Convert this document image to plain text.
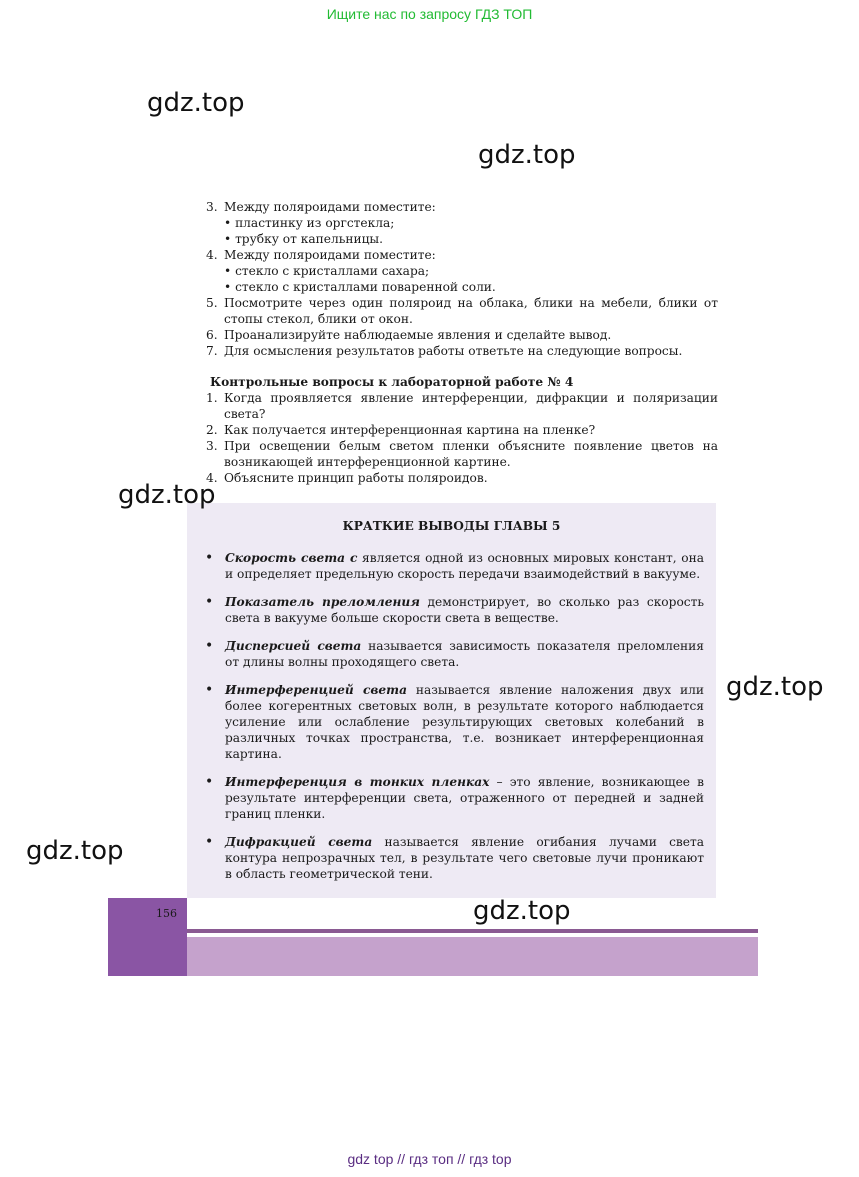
Ищите нас по запросу ГДЗ ТОП
gdz.top
gdz.top
3. Между поляроидами поместите:
• пластинку из оргстекла;
• трубку от капельницы.
4. Между поляроидами поместите:
• стекло с кристаллами сахара;
• стекло с кристаллами поваренной соли.
5. Посмотрите через один поляроид на облака, блики на мебели, блики от стопы стекол, блики от окон.
6. Проанализируйте наблюдаемые явления и сделайте вывод.
7. Для осмысления результатов работы ответьте на следующие вопросы.
Контрольные вопросы к лабораторной работе № 4
1. Когда проявляется явление интерференции, дифракции и поляризации света?
2. Как получается интерференционная картина на пленке?
3. При освещении белым светом пленки объясните появление цветов на возникающей интерференционной картине.
4. Объясните принцип работы поляроидов.
КРАТКИЕ ВЫВОДЫ ГЛАВЫ 5
• Скорость света с является одной из основных мировых констант, она и определяет предельную скорость передачи взаимодействий в вакууме.
• Показатель преломления демонстрирует, во сколько раз скорость света в вакууме больше скорости света в веществе.
• Дисперсией света называется зависимость показателя преломления от длины волны проходящего света.
• Интерференцией света называется явление наложения двух или более когерентных световых волн, в результате которого наблюдается усиление или ослабление результирующих световых колебаний в различных точках пространства, т.е. возникает интерференционная картина.
• Интерференция в тонких пленках – это явление, возникающее в результате интерференции света, отраженного от передней и задней границ пленки.
• Дифракцией света называется явление огибания лучами света контура непрозрачных тел, в результате чего световые лучи проникают в область геометрической тени.
gdz.top
gdz.top
gdz.top
156	gdz.top
gdz top // гдз топ // гдз top
